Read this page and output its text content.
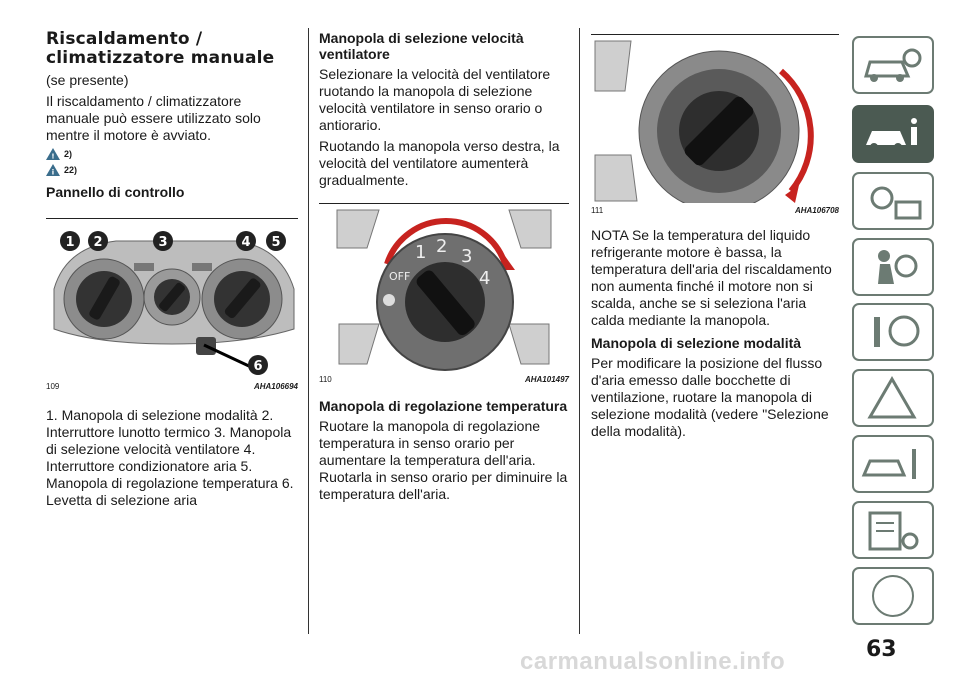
Riscaldamento / climatizzatore manuale

(se presente)

Il riscaldamento / climatizzatore manuale può essere utilizzato solo mentre il motore è avviato.

! 2)
i 22)
Pannello di controllo
1 2	3	4 5
6
109	AHA106694

1. Manopola di selezione modalità 2. Interruttore lunotto termico 3. Manopola di selezione velocità ventilatore 4. Interruttore condizionatore aria 5. Manopola di regolazione temperatura 6. Levetta di selezione aria

Manopola di selezione velocità ventilatore

Selezionare la velocità del ventilatore ruotando la manopola di selezione velocità ventilatore in senso orario o antiorario.

Ruotando la manopola verso destra, la velocità del ventilatore aumenterà gradualmente.

OFF
1 2 3
4
110	AHA101497
Manopola di regolazione temperatura

Ruotare la manopola di regolazione temperatura in senso orario per aumentare la temperatura dell'aria. Ruotarla in senso orario per diminuire la temperatura dell'aria.

111	AHA106708

NOTA Se la temperatura del liquido refrigerante motore è bassa, la temperatura dell'aria del riscaldamento non aumenta finché il motore non si scalda, anche se si seleziona l'aria calda mediante la manopola.

Manopola di selezione modalità

Per modificare la posizione del flusso d'aria emesso dalle bocchette di ventilazione, ruotare la manopola di selezione modalità (vedere "Selezione della modalità).

63
carmanualsonline.info
